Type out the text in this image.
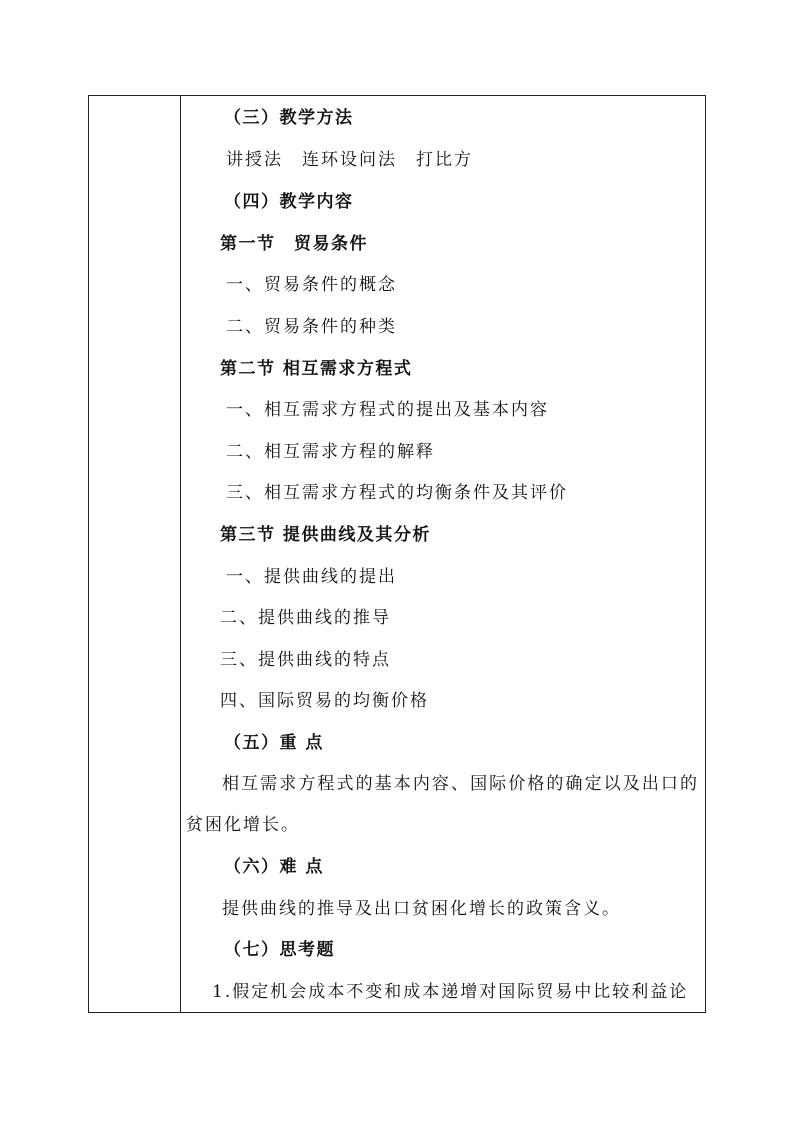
（三）教学方法
讲授法　连环设问法　打比方
（四）教学内容
第一节　贸易条件
一、贸易条件的概念
二、贸易条件的种类
第二节 相互需求方程式
一、相互需求方程式的提出及基本内容
二、相互需求方程的解释
三、相互需求方程式的均衡条件及其评价
第三节 提供曲线及其分析
一、提供曲线的提出
二、提供曲线的推导
三、提供曲线的特点
四、国际贸易的均衡价格
（五）重 点
相互需求方程式的基本内容、国际价格的确定以及出口的贫困化增长。
（六）难 点
提供曲线的推导及出口贫困化增长的政策含义。
（七）思考题
1.假定机会成本不变和成本递增对国际贸易中比较利益论
